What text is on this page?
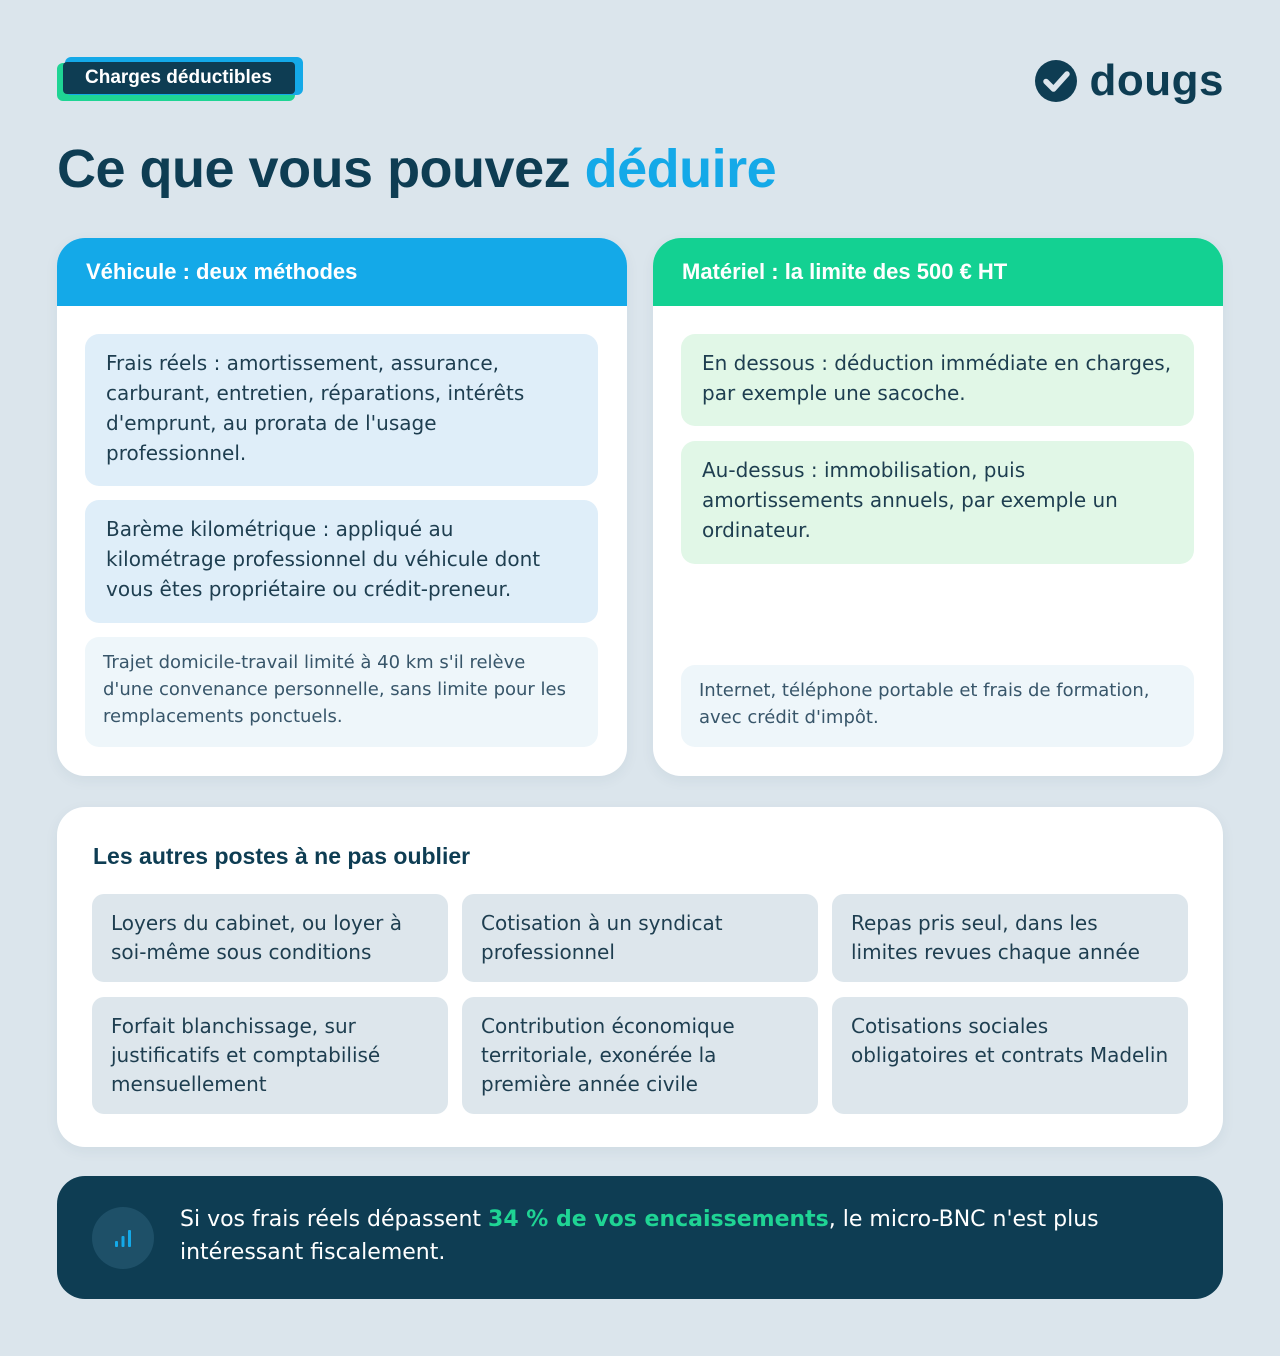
Charges déductibles	dougs
Ce que vous pouvez déduire
Véhicule : deux méthodes
Frais réels : amortissement, assurance, carburant, entretien, réparations, intérêts d'emprunt, au prorata de l'usage professionnel.
Barème kilométrique : appliqué au kilométrage professionnel du véhicule dont vous êtes propriétaire ou crédit-preneur.
Trajet domicile-travail limité à 40 km s'il relève d'une convenance personnelle, sans limite pour les remplacements ponctuels.
Matériel : la limite des 500 € HT
En dessous : déduction immédiate en charges, par exemple une sacoche.
Au-dessus : immobilisation, puis amortissements annuels, par exemple un ordinateur.
Internet, téléphone portable et frais de formation, avec crédit d'impôt.
Les autres postes à ne pas oublier
Loyers du cabinet, ou loyer à soi-même sous conditions
Cotisation à un syndicat professionnel
Repas pris seul, dans les limites revues chaque année
Forfait blanchissage, sur justificatifs et comptabilisé mensuellement
Contribution économique territoriale, exonérée la première année civile
Cotisations sociales obligatoires et contrats Madelin

Si vos frais réels dépassent 34 % de vos encaissements, le micro-BNC n'est plus intéressant fiscalement.
